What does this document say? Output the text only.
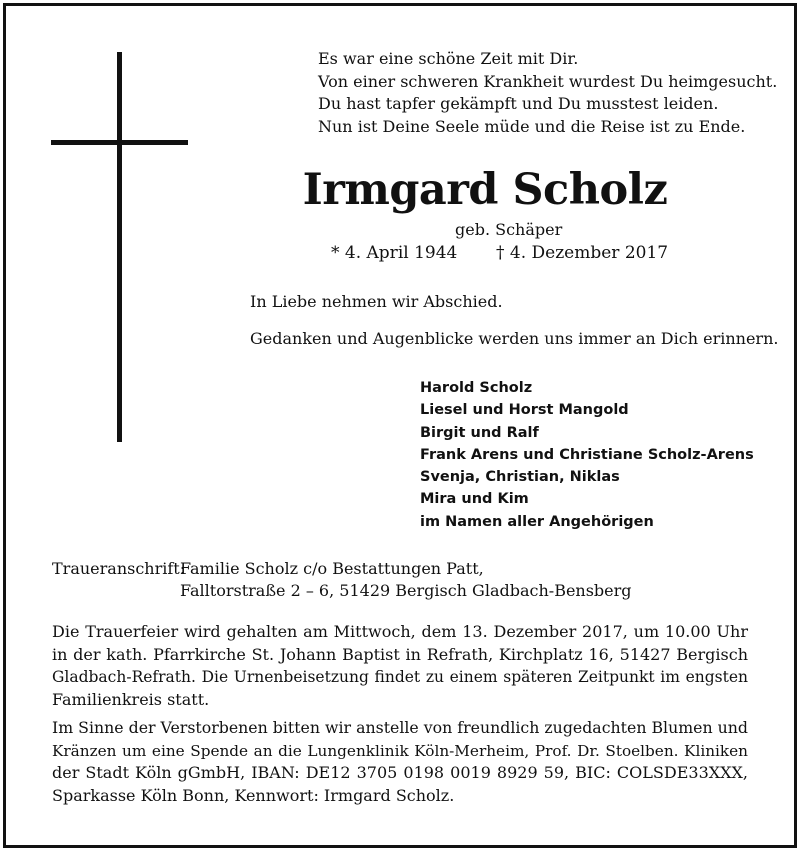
Es war eine schöne Zeit mit Dir.
Von einer schweren Krankheit wurdest Du heimgesucht.
Du hast tapfer gekämpft und Du musstest leiden.
Nun ist Deine Seele müde und die Reise ist zu Ende.
Irmgard Scholz
geb. Schäper
* 4. April 1944 † 4. Dezember 2017
In Liebe nehmen wir Abschied.
Gedanken und Augenblicke werden uns immer an Dich erinnern.
Harold Scholz
Liesel und Horst Mangold
Birgit und Ralf
Frank Arens und Christiane Scholz-Arens
Svenja, Christian, Niklas
Mira und Kim
im Namen aller Angehörigen
Traueranschrift:
Familie Scholz c/o Bestattungen Patt,
Falltorstraße 2 – 6, 51429 Bergisch Gladbach-Bensberg
Die Trauerfeier wird gehalten am Mittwoch, dem 13. Dezember 2017, um 10.00 Uhr
in der kath. Pfarrkirche St. Johann Baptist in Refrath, Kirchplatz 16, 51427 Bergisch
Gladbach-Refrath. Die Urnenbeisetzung findet zu einem späteren Zeitpunkt im engsten
Familienkreis statt.
Im Sinne der Verstorbenen bitten wir anstelle von freundlich zugedachten Blumen und
Kränzen um eine Spende an die Lungenklinik Köln-Merheim, Prof. Dr. Stoelben. Kliniken
der Stadt Köln gGmbH, IBAN: DE12 3705 0198 0019 8929 59, BIC: COLSDE33XXX,
Sparkasse Köln Bonn, Kennwort: Irmgard Scholz.
